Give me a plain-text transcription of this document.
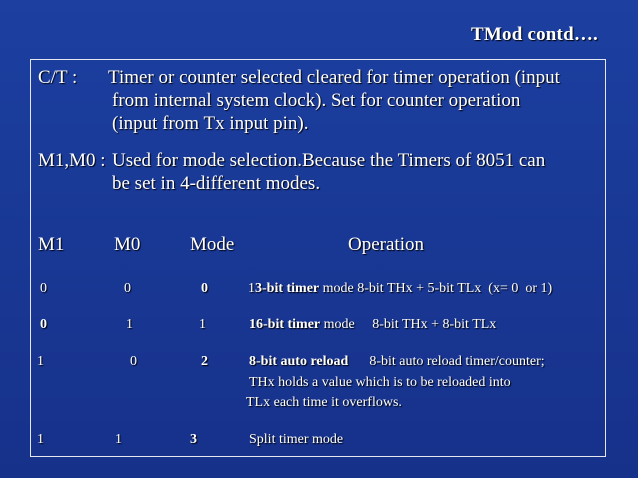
TMod contd….
C/T : Timer or counter selected cleared for timer operation (input
from internal system clock). Set for counter operation
(input from Tx input pin).
M1,M0 : Used for mode selection.Because the Timers of 8051 can
be set in 4-different modes.
M1	M0	Mode	Operation
0	0	0	13-bit timer mode 8-bit THx + 5-bit TLx  (x= 0  or 1)
0	1	1	16-bit timer mode     8-bit THx + 8-bit TLx
1	0	2	8-bit auto reload      8-bit auto reload timer/counter;
THx holds a value which is to be reloaded into
TLx each time it overflows.
1	1	3	Split timer mode
